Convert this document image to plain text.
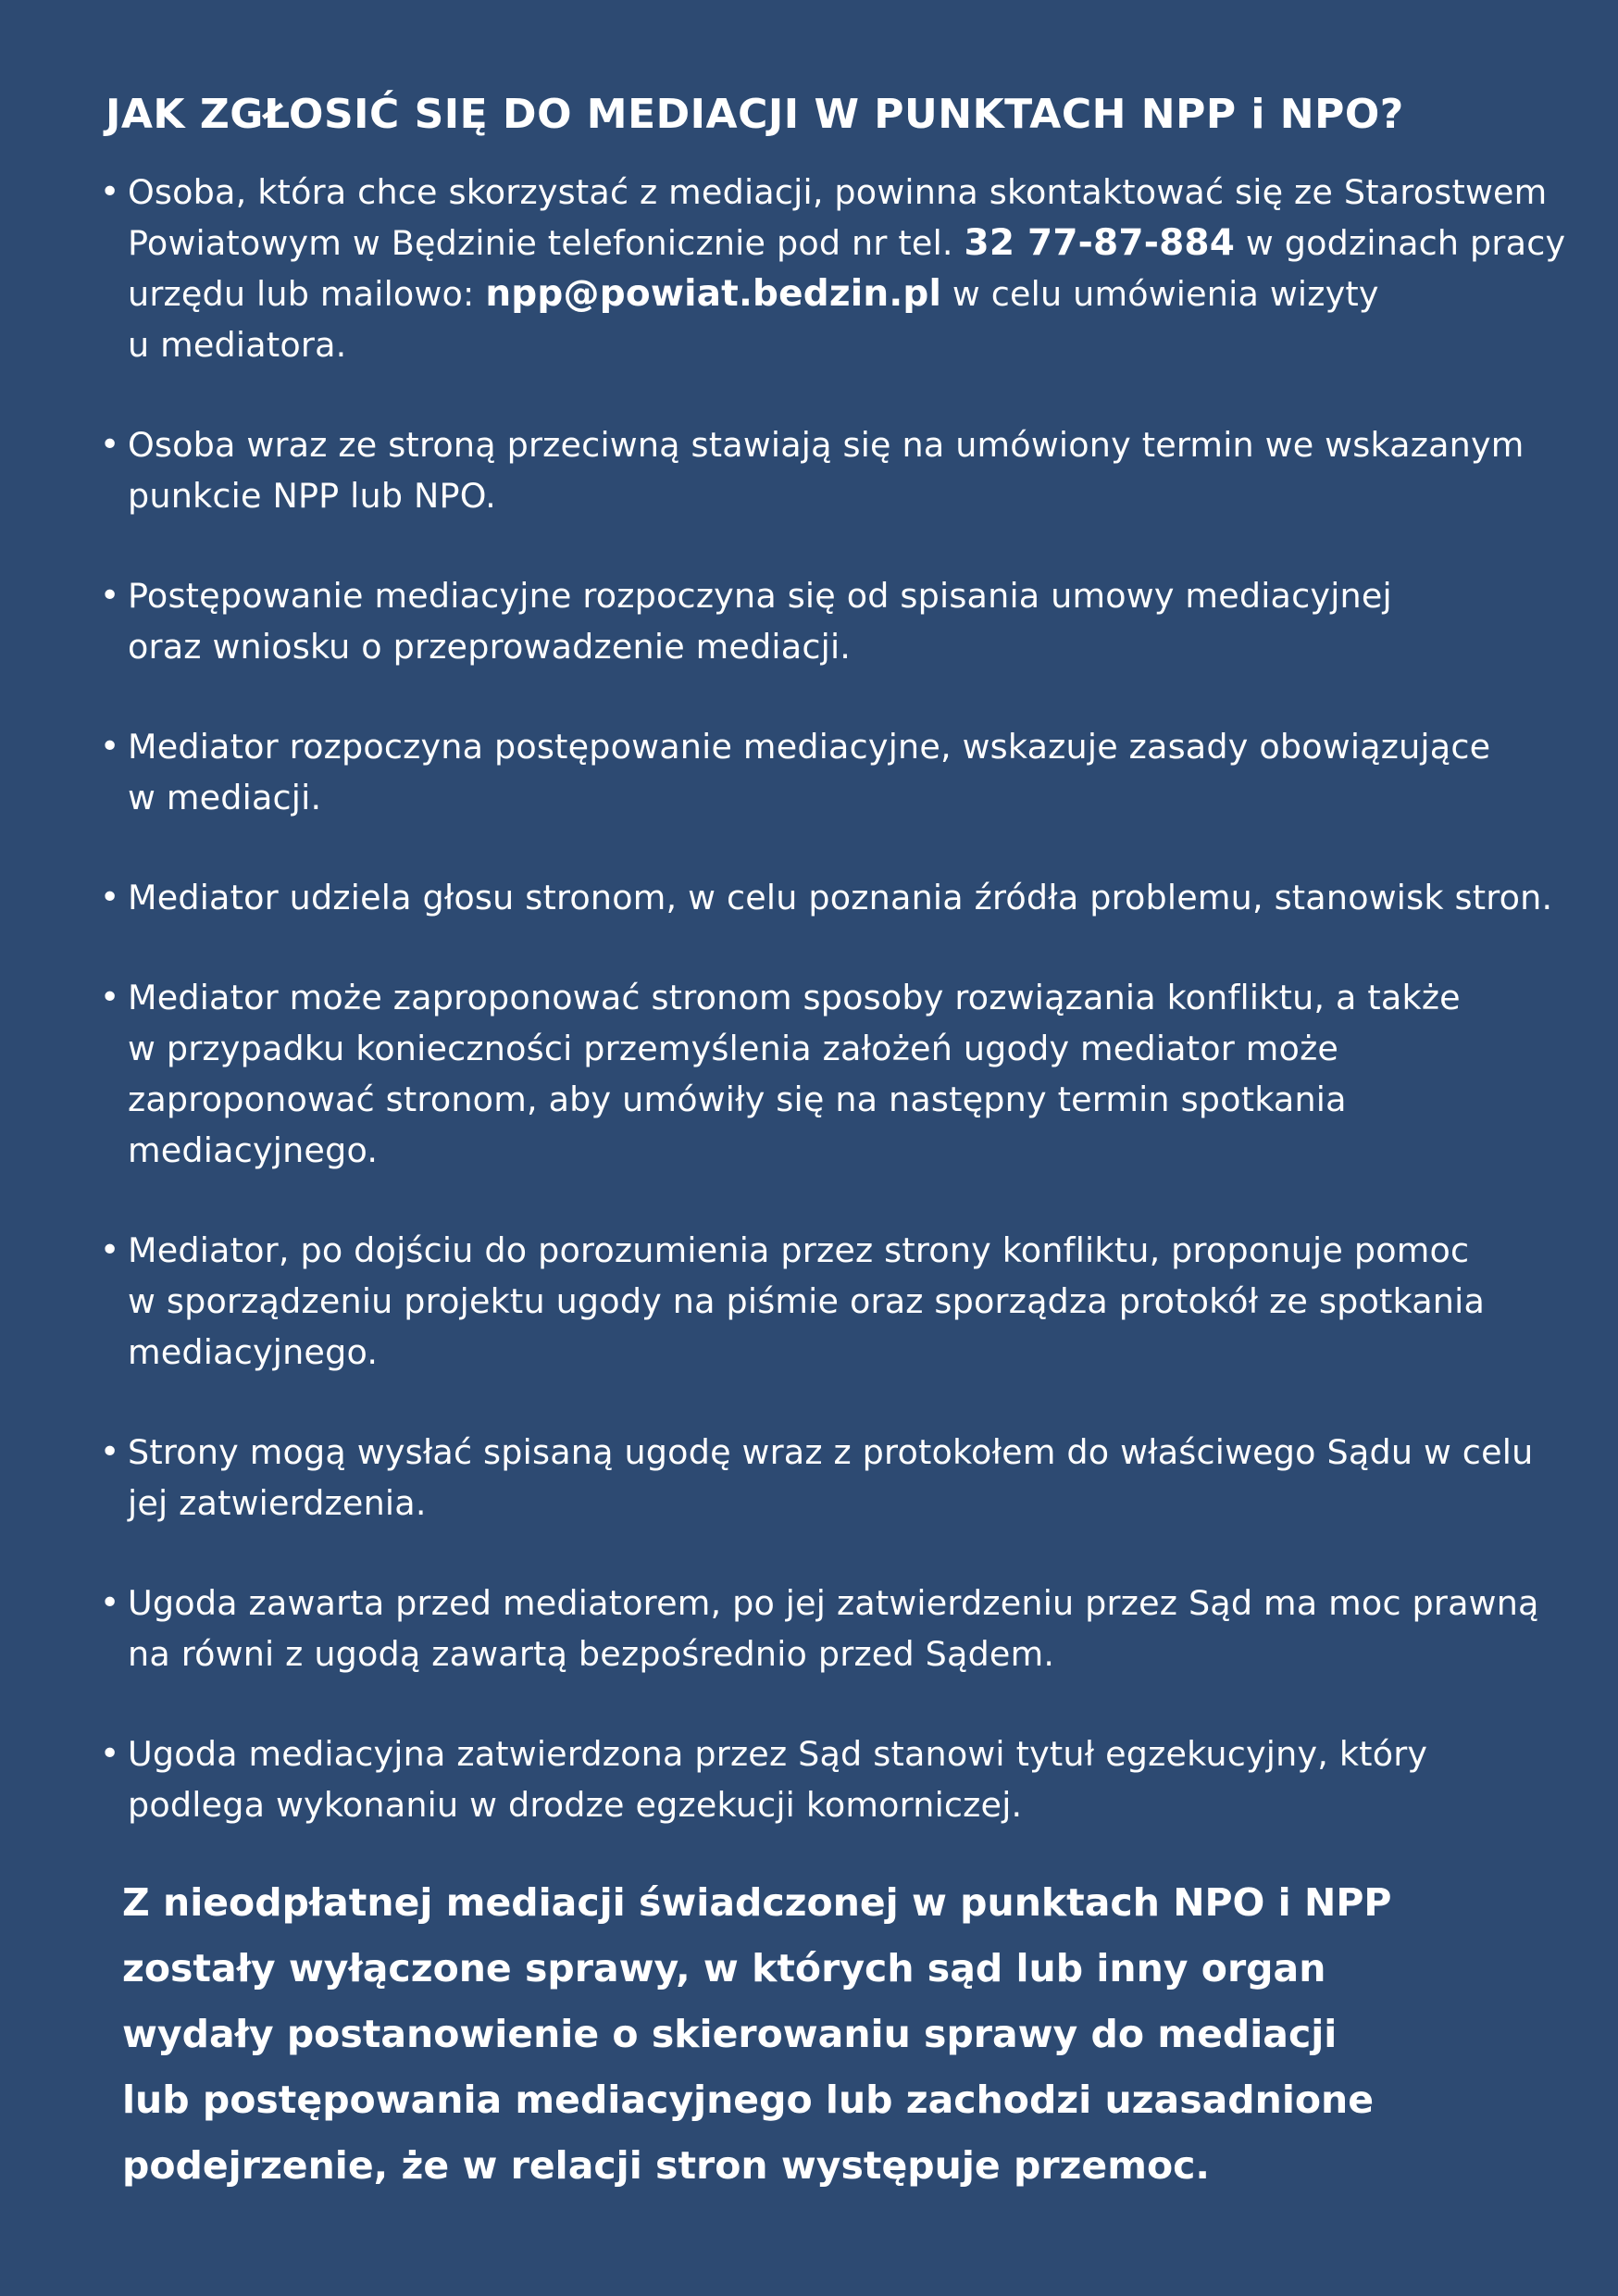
JAK ZGŁOSIĆ SIĘ DO MEDIACJI W PUNKTACH NPP i NPO?
• Osoba, która chce skorzystać z mediacji, powinna skontaktować się ze Starostwem
Powiatowym w Będzinie telefonicznie pod nr tel. 32 77-87-884 w godzinach pracy
urzędu lub mailowo: npp@powiat.bedzin.pl w celu umówienia wizyty
u mediatora.
• Osoba wraz ze stroną przeciwną stawiają się na umówiony termin we wskazanym
punkcie NPP lub NPO.
• Postępowanie mediacyjne rozpoczyna się od spisania umowy mediacyjnej
oraz wniosku o przeprowadzenie mediacji.
• Mediator rozpoczyna postępowanie mediacyjne, wskazuje zasady obowiązujące
w mediacji.
• Mediator udziela głosu stronom, w celu poznania źródła problemu, stanowisk stron.
• Mediator może zaproponować stronom sposoby rozwiązania konfliktu, a także
w przypadku konieczności przemyślenia założeń ugody mediator może
zaproponować stronom, aby umówiły się na następny termin spotkania
mediacyjnego.
• Mediator, po dojściu do porozumienia przez strony konfliktu, proponuje pomoc
w sporządzeniu projektu ugody na piśmie oraz sporządza protokół ze spotkania
mediacyjnego.
• Strony mogą wysłać spisaną ugodę wraz z protokołem do właściwego Sądu w celu
jej zatwierdzenia.
• Ugoda zawarta przed mediatorem, po jej zatwierdzeniu przez Sąd ma moc prawną
na równi z ugodą zawartą bezpośrednio przed Sądem.
• Ugoda mediacyjna zatwierdzona przez Sąd stanowi tytuł egzekucyjny, który
podlega wykonaniu w drodze egzekucji komorniczej.
Z nieodpłatnej mediacji świadczonej w punktach NPO i NPP
zostały wyłączone sprawy, w których sąd lub inny organ
wydały postanowienie o skierowaniu sprawy do mediacji
lub postępowania mediacyjnego lub zachodzi uzasadnione
podejrzenie, że w relacji stron występuje przemoc.
